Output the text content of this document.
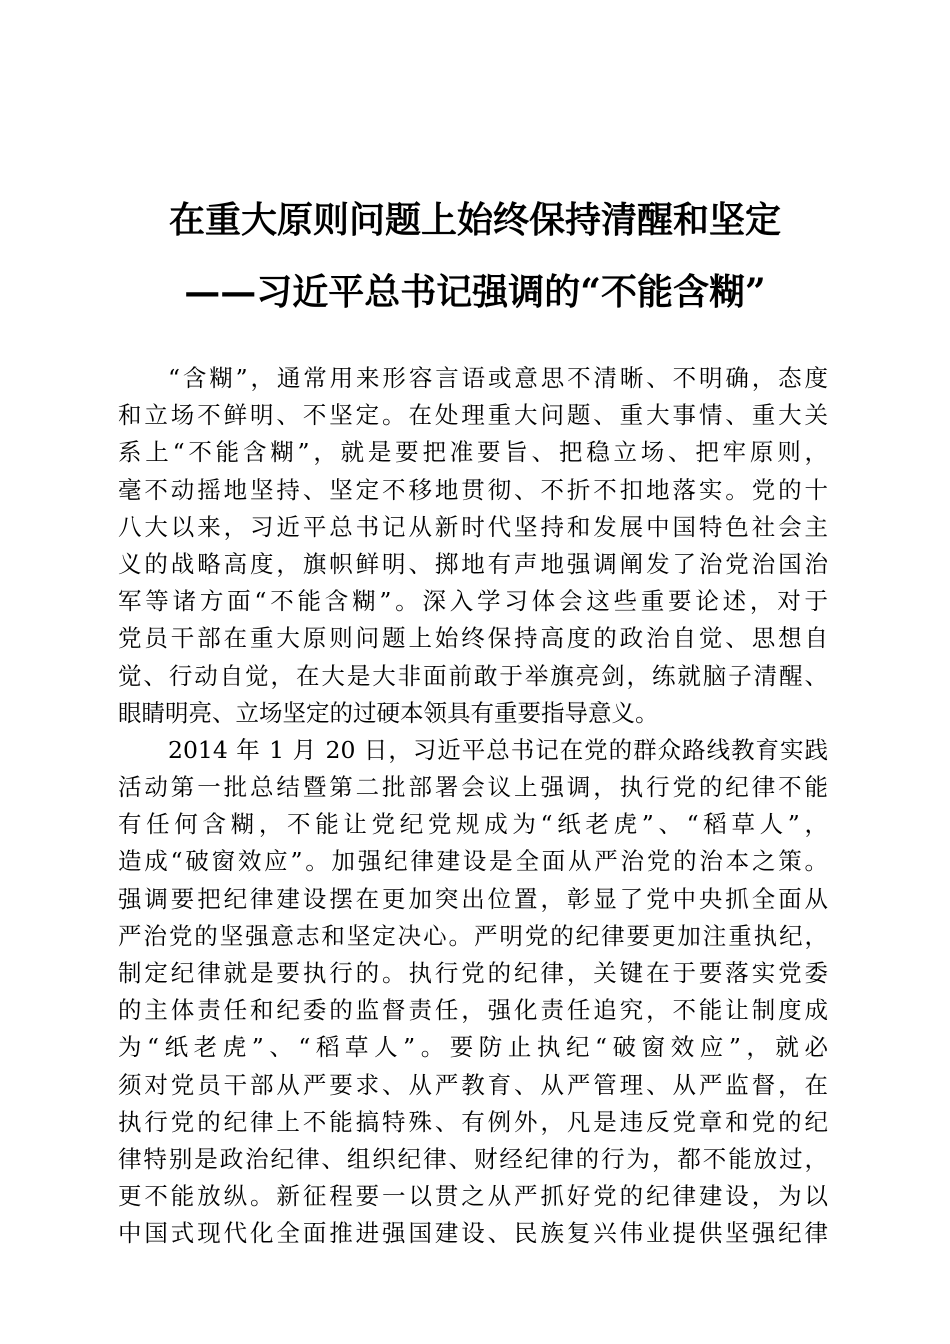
在重大原则问题上始终保持清醒和坚定
——习近平总书记强调的“不能含糊”
“含糊”，通常用来形容言语或意思不清晰、不明确，态度
和立场不鲜明、不坚定。在处理重大问题、重大事情、重大关
系上“不能含糊”，就是要把准要旨、把稳立场、把牢原则，
毫不动摇地坚持、坚定不移地贯彻、不折不扣地落实。党的十
八大以来，习近平总书记从新时代坚持和发展中国特色社会主
义的战略高度，旗帜鲜明、掷地有声地强调阐发了治党治国治
军等诸方面“不能含糊”。深入学习体会这些重要论述，对于
党员干部在重大原则问题上始终保持高度的政治自觉、思想自
觉、行动自觉，在大是大非面前敢于举旗亮剑，练就脑子清醒、
眼睛明亮、立场坚定的过硬本领具有重要指导意义。
2014 年 1 月 20 日，习近平总书记在党的群众路线教育实践
活动第一批总结暨第二批部署会议上强调，执行党的纪律不能
有任何含糊，不能让党纪党规成为“纸老虎”、“稻草人”，
造成“破窗效应”。加强纪律建设是全面从严治党的治本之策。
强调要把纪律建设摆在更加突出位置，彰显了党中央抓全面从
严治党的坚强意志和坚定决心。严明党的纪律要更加注重执纪，
制定纪律就是要执行的。执行党的纪律，关键在于要落实党委
的主体责任和纪委的监督责任，强化责任追究，不能让制度成
为“纸老虎”、“稻草人”。要防止执纪“破窗效应”，就必
须对党员干部从严要求、从严教育、从严管理、从严监督，在
执行党的纪律上不能搞特殊、有例外，凡是违反党章和党的纪
律特别是政治纪律、组织纪律、财经纪律的行为，都不能放过，
更不能放纵。新征程要一以贯之从严抓好党的纪律建设，为以
中国式现代化全面推进强国建设、民族复兴伟业提供坚强纪律
